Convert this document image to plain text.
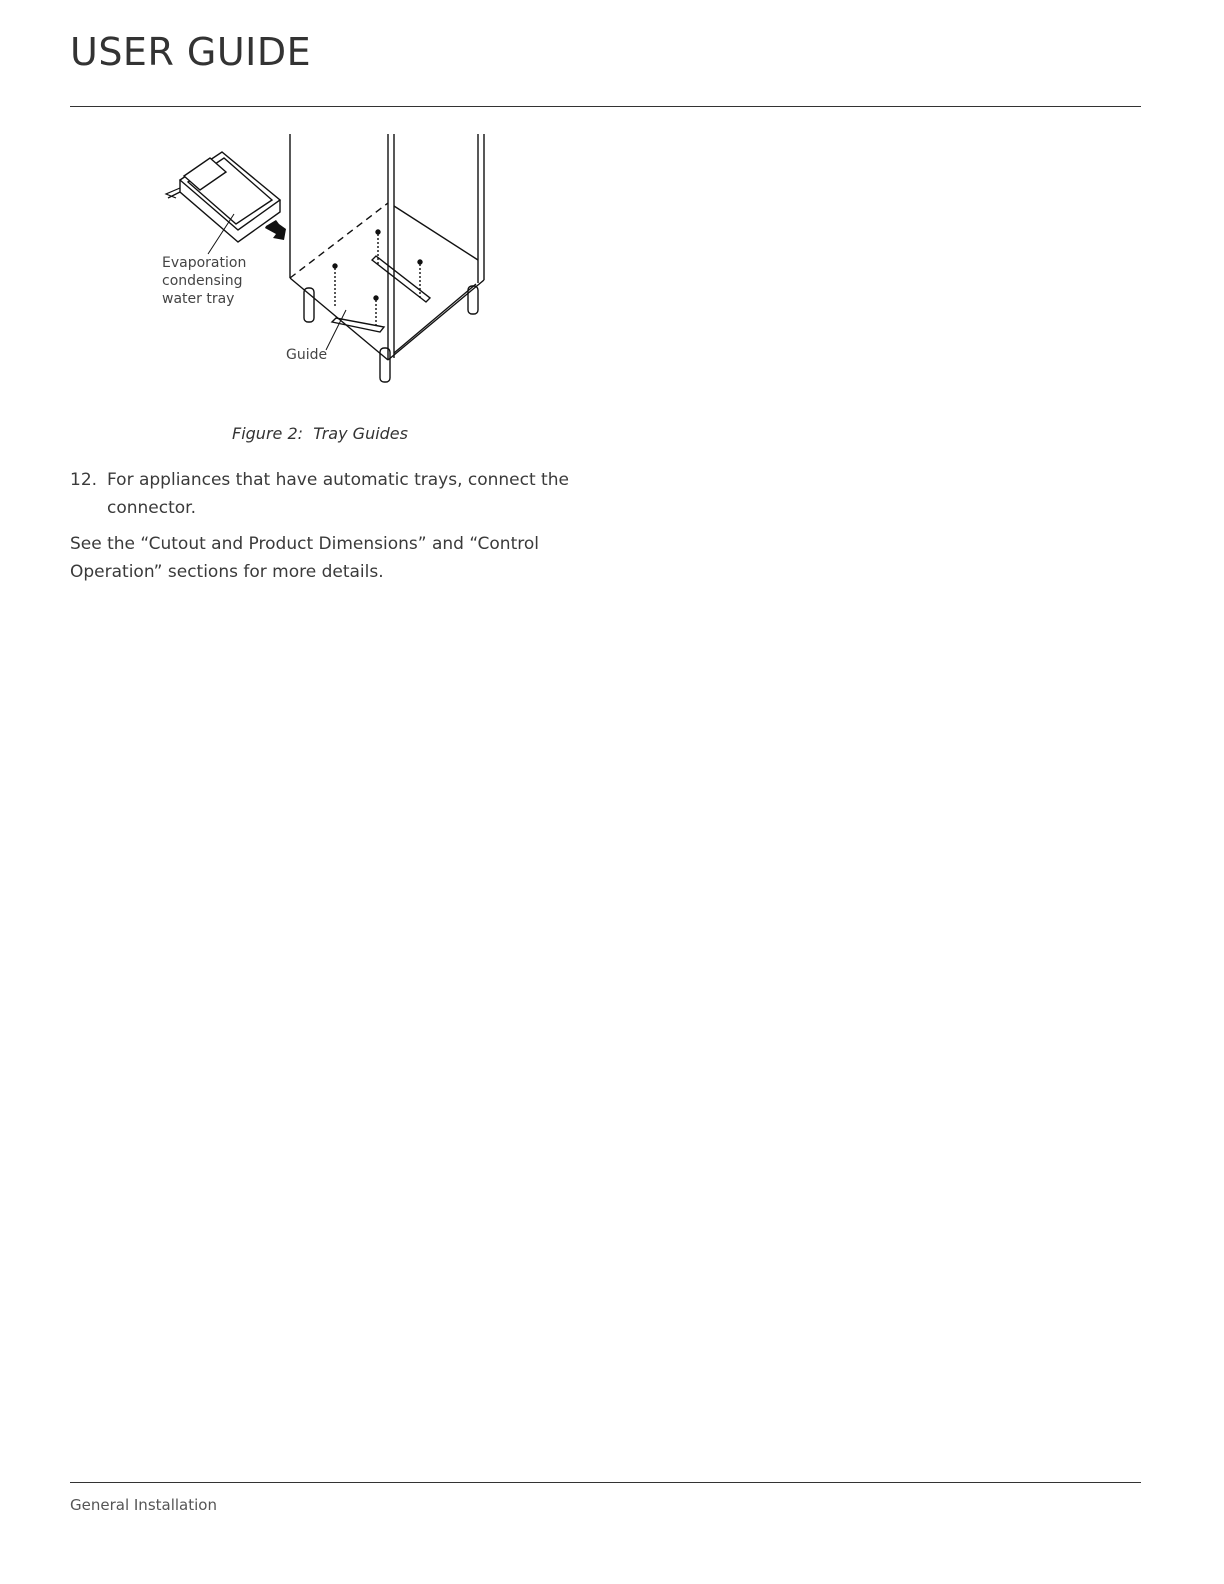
USER GUIDE
Evaporation
condensing
water tray
Guide
Figure 2:  Tray Guides
12. For appliances that have automatic trays, connect the connector.

See the “Cutout and Product Dimensions” and “Control Operation” sections for more details.

General Installation
